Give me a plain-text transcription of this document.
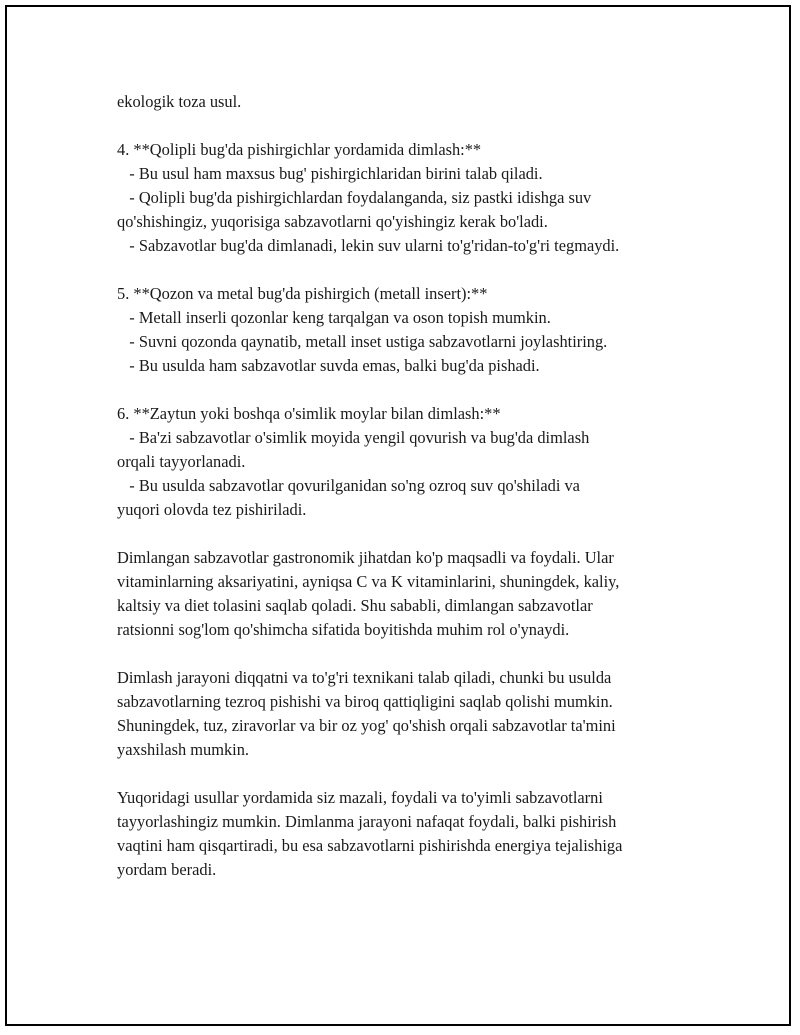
ekologik toza usul.
4. **Qolipli bug'da pishirgichlar yordamida dimlash:**
- Bu usul ham maxsus bug' pishirgichlaridan birini talab qiladi.
- Qolipli bug'da pishirgichlardan foydalanganda, siz pastki idishga suv
qo'shishingiz, yuqorisiga sabzavotlarni qo'yishingiz kerak bo'ladi.
- Sabzavotlar bug'da dimlanadi, lekin suv ularni to'g'ridan-to'g'ri tegmaydi.
5. **Qozon va metal bug'da pishirgich (metall insert):**
- Metall inserli qozonlar keng tarqalgan va oson topish mumkin.
- Suvni qozonda qaynatib, metall inset ustiga sabzavotlarni joylashtiring.
- Bu usulda ham sabzavotlar suvda emas, balki bug'da pishadi.
6. **Zaytun yoki boshqa o'simlik moylar bilan dimlash:**
- Ba'zi sabzavotlar o'simlik moyida yengil qovurish va bug'da dimlash
orqali tayyorlanadi.
- Bu usulda sabzavotlar qovurilganidan so'ng ozroq suv qo'shiladi va
yuqori olovda tez pishiriladi.
Dimlangan sabzavotlar gastronomik jihatdan ko'p maqsadli va foydali. Ular
vitaminlarning aksariyatini, ayniqsa C va K vitaminlarini, shuningdek, kaliy,
kaltsiy va diet tolasini saqlab qoladi. Shu sababli, dimlangan sabzavotlar
ratsionni sog'lom qo'shimcha sifatida boyitishda muhim rol o'ynaydi.
Dimlash jarayoni diqqatni va to'g'ri texnikani talab qiladi, chunki bu usulda
sabzavotlarning tezroq pishishi va biroq qattiqligini saqlab qolishi mumkin.
Shuningdek, tuz, ziravorlar va bir oz yog' qo'shish orqali sabzavotlar ta'mini
yaxshilash mumkin.
Yuqoridagi usullar yordamida siz mazali, foydali va to'yimli sabzavotlarni
tayyorlashingiz mumkin. Dimlanma jarayoni nafaqat foydali, balki pishirish
vaqtini ham qisqartiradi, bu esa sabzavotlarni pishirishda energiya tejalishiga
yordam beradi.
